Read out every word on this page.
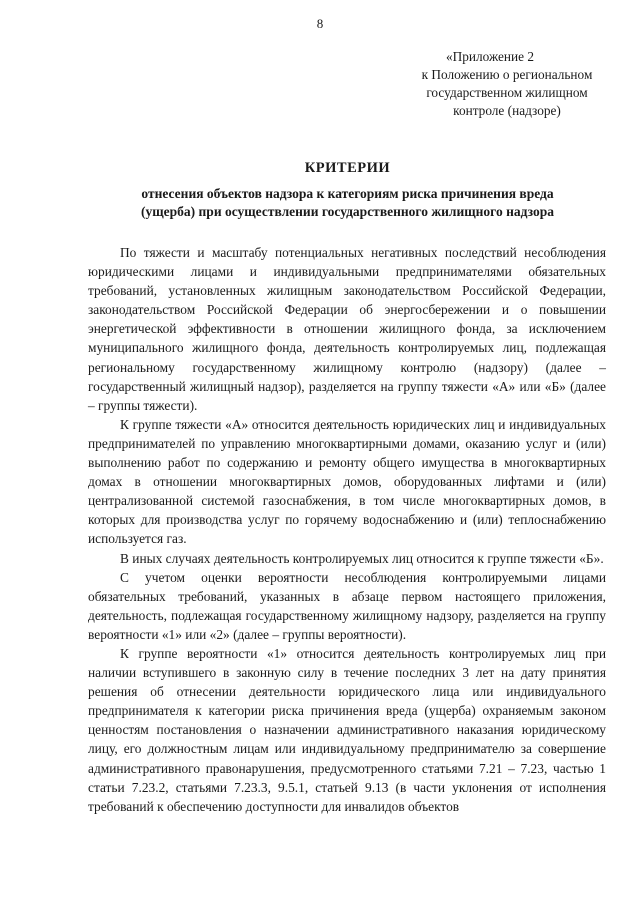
8
«Приложение 2
к Положению о региональном
государственном жилищном
контроле (надзоре)
КРИТЕРИИ
отнесения объектов надзора к категориям риска причинения вреда
(ущерба) при осуществлении государственного жилищного надзора

По тяжести и масштабу потенциальных негативных последствий несоблюдения юридическими лицами и индивидуальными предпринимателями обязательных требований, установленных жилищным законодательством Российской Федерации, законодательством Российской Федерации об энергосбережении и о повышении энергетической эффективности в отношении жилищного фонда, за исключением муниципального жилищного фонда, деятельность контролируемых лиц, подлежащая региональному государственному жилищному контролю (надзору) (далее – государственный жилищный надзор), разделяется на группу тяжести «А» или «Б» (далее – группы тяжести).

К группе тяжести «А» относится деятельность юридических лиц и индивидуальных предпринимателей по управлению многоквартирными домами, оказанию услуг и (или) выполнению работ по содержанию и ремонту общего имущества в многоквартирных домах в отношении многоквартирных домов, оборудованных лифтами и (или) централизованной системой газоснабжения, в том числе многоквартирных домов, в которых для производства услуг по горячему водоснабжению и (или) теплоснабжению используется газ.

В иных случаях деятельность контролируемых лиц относится к группе тяжести «Б».

С учетом оценки вероятности несоблюдения контролируемыми лицами обязательных требований, указанных в абзаце первом настоящего приложения, деятельность, подлежащая государственному жилищному надзору, разделяется на группу вероятности «1» или «2» (далее – группы вероятности).

К группе вероятности «1» относится деятельность контролируемых лиц при наличии вступившего в законную силу в течение последних 3 лет на дату принятия решения об отнесении деятельности юридического лица или индивидуального предпринимателя к категории риска причинения вреда (ущерба) охраняемым законом ценностям постановления о назначении административного наказания юридическому лицу, его должностным лицам или индивидуальному предпринимателю за совершение административного правонарушения, предусмотренного статьями 7.21 – 7.23, частью 1 статьи 7.23.2, статьями 7.23.3, 9.5.1, статьей 9.13 (в части уклонения от исполнения требований к обеспечению доступности для инвалидов объектов
